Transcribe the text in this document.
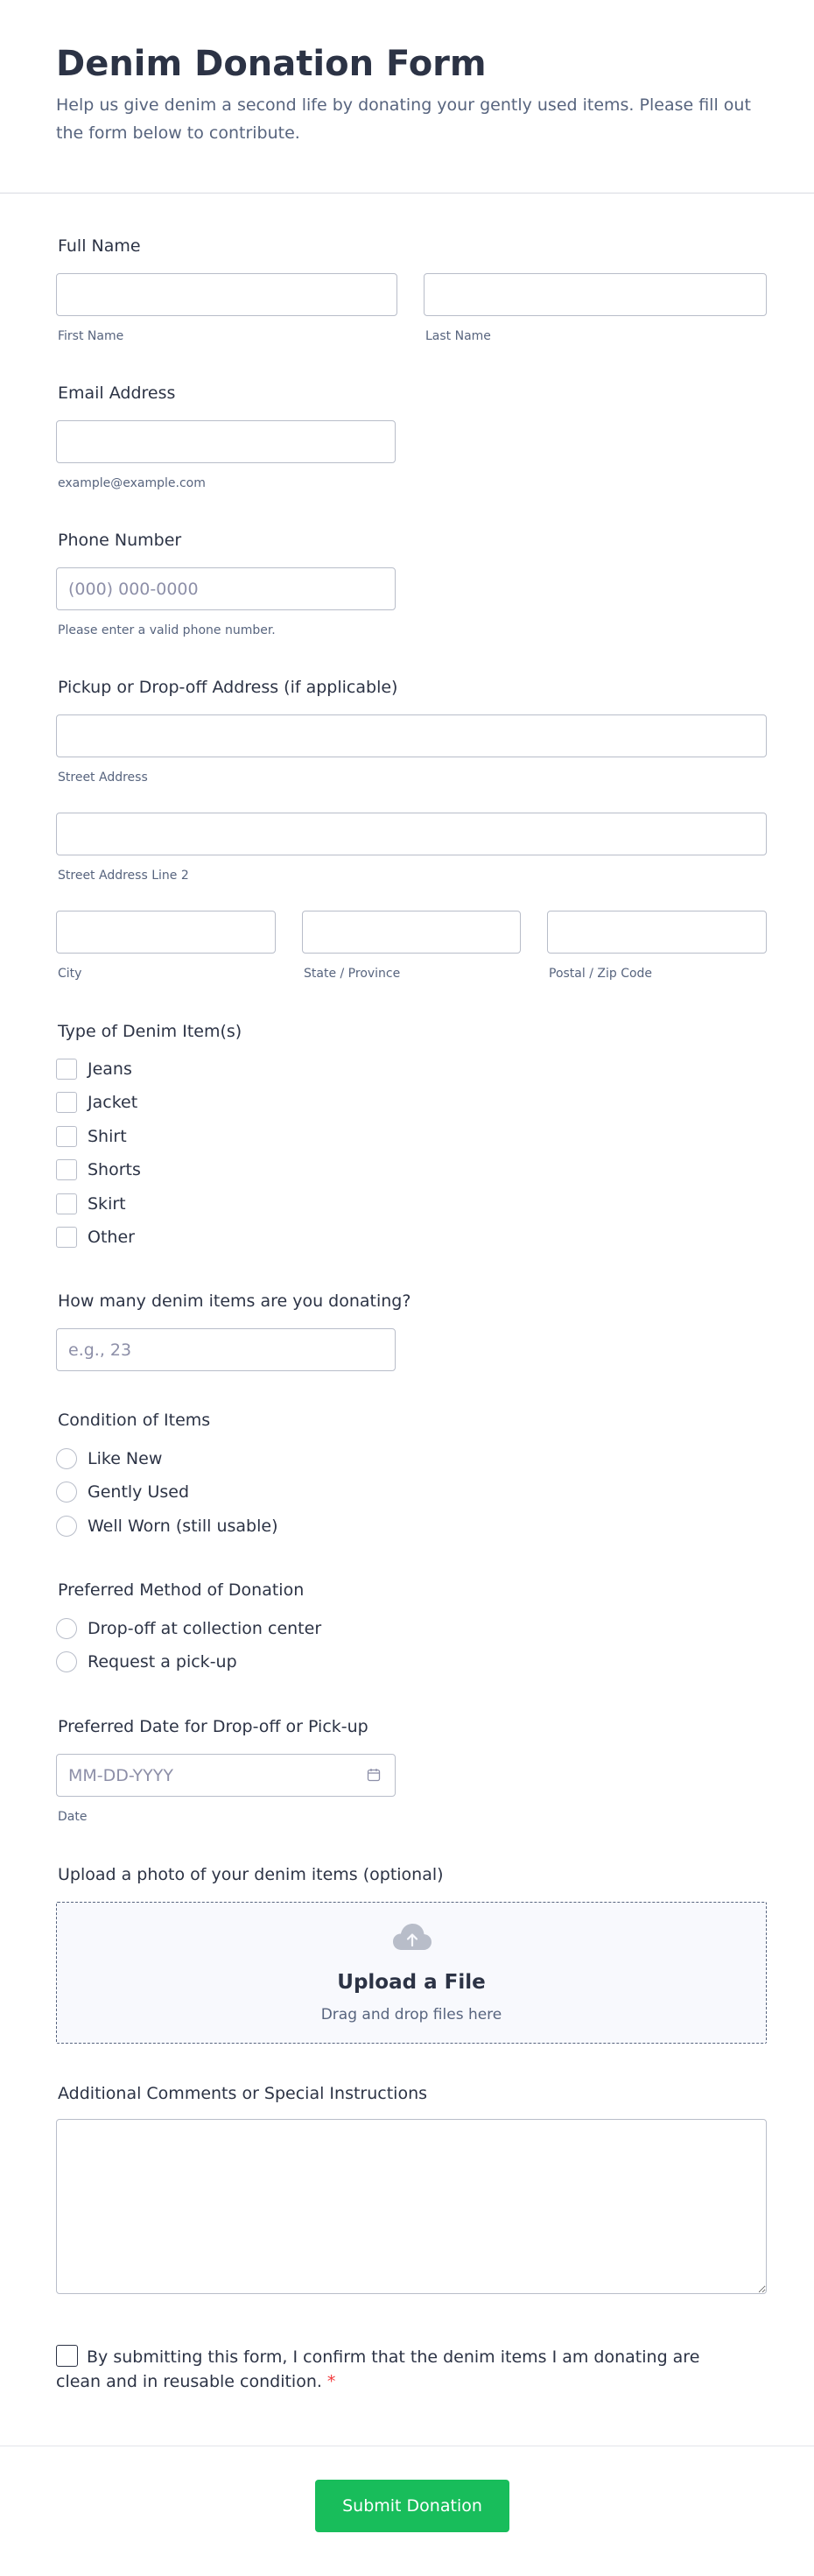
Denim Donation Form
Help us give denim a second life by donating your gently used items. Please fill out the form below to contribute.
Full Name
First Name	Last Name
Email Address
example@example.com
Phone Number
(000) 000-0000
Please enter a valid phone number.
Pickup or Drop-off Address (if applicable)
Street Address
Street Address Line 2
City	State / Province	Postal / Zip Code
Type of Denim Item(s)
Jeans
Jacket
Shirt
Shorts
Skirt
Other
How many denim items are you donating?
e.g., 23
Condition of Items
Like New
Gently Used
Well Worn (still usable)
Preferred Method of Donation
Drop-off at collection center
Request a pick-up
Preferred Date for Drop-off or Pick-up
MM-DD-YYYY
Date
Upload a photo of your denim items (optional)
Upload a File
Drag and drop files here
Additional Comments or Special Instructions
By submitting this form, I confirm that the denim items I am donating are clean and in reusable condition. *
Submit Donation
